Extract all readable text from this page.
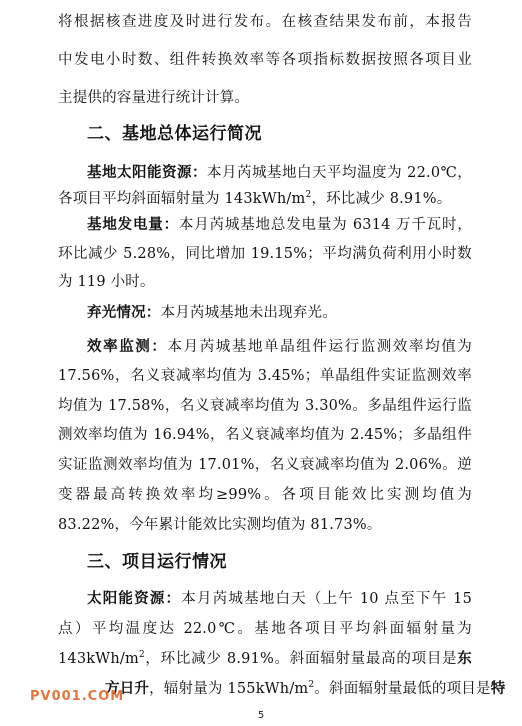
将根据核查进度及时进行发布。在核查结果发布前，本报告
中发电小时数、组件转换效率等各项指标数据按照各项目业
主提供的容量进行统计计算。
二、基地总体运行简况
基地太阳能资源：本月芮城基地白天平均温度为 22.0℃，
各项目平均斜面辐射量为 $143kWh/m^2$，环比减少 8.91%。
基地发电量：本月芮城基地总发电量为 6314 万千瓦时，
环比减少 5.28%，同比增加 19.15%；平均满负荷利用小时数
为 119 小时。
弃光情况：本月芮城基地未出现弃光。
效率监测：本月芮城基地单晶组件运行监测效率均值为
17.56%，名义衰减率均值为 3.45%；单晶组件实证监测效率
均值为 17.58%，名义衰减率均值为 3.30%。多晶组件运行监
测效率均值为 16.94%，名义衰减率均值为 2.45%；多晶组件
实证监测效率均值为 17.01%，名义衰减率均值为 2.06%。逆
变器最高转换效率均≥99%。各项目能效比实测均值为
83.22%，今年累计能效比实测均值为 81.73%。
三、项目运行情况
太阳能资源：本月芮城基地白天（上午 10 点至下午 15
点）平均温度达 22.0℃。基地各项目平均斜面辐射量为
$143kWh/m^2$，环比减少 8.91%。斜面辐射量最高的项目是东
方日升，辐射量为 $155kWh/m^2$。斜面辐射量最低的项目是特
PV001.COM
5
